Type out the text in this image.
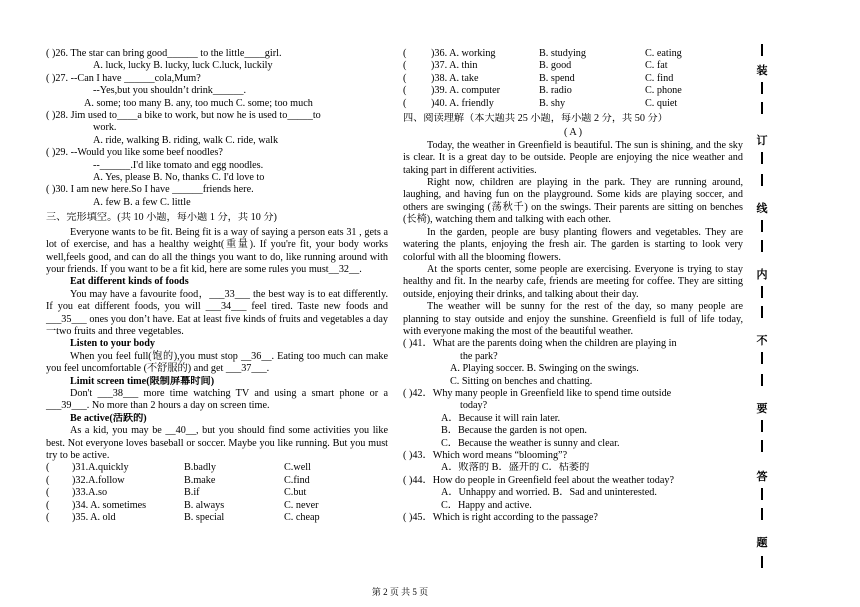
( )26. The star can bring good______ to the little____girl.
A. luck, lucky B. lucky, luck C.luck, luckily
( )27. --Can I have ______cola,Mum?
--Yes,but you shouldn’t drink______.
A. some; too many B. any, too much C. some; too much
( )28. Jim used to____a bike to work, but now he is used to_____to
work.
A. ride, walking B. riding, walk C. ride, walk
( )29. --Would you like some beef noodles?
--______.I'd like tomato and egg noodles.
A. Yes, please B. No, thanks C. I'd love to
( )30. I am new here.So I have ______friends here.
A. few B. a few C. little
三、完形填空。(共 10 小题，每小题 1 分，共 10 分)

Everyone wants to be fit. Being fit is a way of saying a person eats 31 , gets a lot of exercise, and has a healthy weight(重量). If you're fit, your body works well,feels good, and can do all the things you want to do, like running around with your friends. If you want to be a fit kid, here are some rules you must__32__.

Eat different kinds of foods

You may have a favourite food，___33___ the best way is to eat differently. If you eat different foods, you will ___34___ feel tired. Taste new foods and ___35___ ones you don’t have. Eat at least five kinds of fruits and vegetables a day一two fruits and three vegetables.

Listen to your body

When you feel full(饱的),you must stop __36__. Eating too much can make you feel uncomfortable (不舒服的) and get ___37___.

Limit screen time(限制屏幕时间)

Don't ___38___ more time watching TV and using a smart phone or a ___39___. No more than 2 hours a day on screen time.

Be active(活跃的)

As a kid, you may be __40__, but you should find some activities you like best. Not everyone loves baseball or soccer. Maybe you like running. But you must try to be active.

(	)31.A.quickly	B.badly	C.well
(	)32.A.follow	B.make	C.find
(	)33.A.so	B.if	C.but
(	)34. A. sometimes	B. always	C. never
(	)35. A. old	B. special	C. cheap
(	)36. A. working	B. studying	C. eating
(	)37. A. thin	B. good	C. fat
(	)38. A. take	B. spend	C. find
(	)39. A. computer	B. radio	C. phone
(	)40. A. friendly	B. shy	C. quiet
四、阅读理解（本大题共 25 小题，每小题 2 分，共 50 分）
( A )

Today, the weather in Greenfield is beautiful. The sun is shining, and the sky is clear. It is a great day to be outside. People are enjoying the nice weather and taking part in different activities.

Right now, children are playing in the park. They are running around, laughing, and having fun on the playground. Some kids are playing soccer, and others are swinging (荡秋千) on the swings. Their parents are sitting on benches (长椅), watching them and talking with each other.

In the garden, people are busy planting flowers and vegetables. They are watering the plants, enjoying the fresh air. The garden is starting to look very colorful with all the blooming flowers.

At the sports center, some people are exercising. Everyone is trying to stay healthy and fit. In the nearby cafe, friends are meeting for coffee. They are sitting outside, enjoying their drinks, and talking about their day.

The weather will be sunny for the rest of the day, so many people are planning to stay outside and enjoy the sunshine. Greenfield is full of life today, with everyone making the most of the beautiful weather.

( )41．What are the parents doing when the children are playing in
the park?
A. Playing soccer. B. Swinging on the swings.
C. Sitting on benches and chatting.
( )42．Why many people in Greenfield like to spend time outside
today?
A．Because it will rain later.
B．Because the garden is not open.
C．Because the weather is sunny and clear.
( )43．Which word means “blooming”?
A．败落的 B．盛开的 C．枯萎的
( )44．How do people in Greenfield feel about the weather today?
A．Unhappy and worried. B．Sad and uninterested.
C．Happy and active.
( )45．Which is right according to the passage?
装
订
线
内
不
要
答
题
第 2 页 共 5 页
